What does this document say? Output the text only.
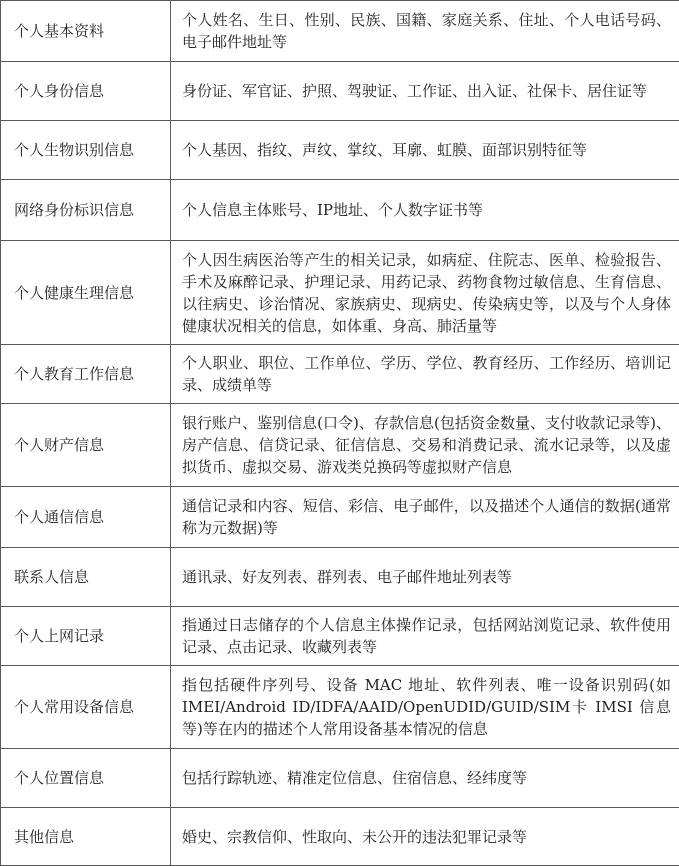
个人基本资料	个人姓名、生日、性别、民族、国籍、家庭关系、住址、个人电话号码、电子邮件地址等
个人身份信息	身份证、军官证、护照、驾驶证、工作证、出入证、社保卡、居住证等
个人生物识别信息	个人基因、指纹、声纹、掌纹、耳廓、虹膜、面部识别特征等
网络身份标识信息	个人信息主体账号、IP地址、个人数字证书等
个人健康生理信息	个人因生病医治等产生的相关记录，如病症、住院志、医单、检验报告、手术及麻醉记录、护理记录、用药记录、药物食物过敏信息、生育信息、以往病史、诊治情况、家族病史、现病史、传染病史等，以及与个人身体健康状况相关的信息，如体重、身高、肺活量等
个人教育工作信息	个人职业、职位、工作单位、学历、学位、教育经历、工作经历、培训记录、成绩单等
个人财产信息	银行账户、鉴别信息(口令)、存款信息(包括资金数量、支付收款记录等)、房产信息、信贷记录、征信信息、交易和消费记录、流水记录等，以及虚拟货币、虚拟交易、游戏类兑换码等虚拟财产信息
个人通信信息	通信记录和内容、短信、彩信、电子邮件，以及描述个人通信的数据(通常称为元数据)等
联系人信息	通讯录、好友列表、群列表、电子邮件地址列表等
个人上网记录	指通过日志储存的个人信息主体操作记录，包括网站浏览记录、软件使用记录、点击记录、收藏列表等
个人常用设备信息	指包括硬件序列号、设备 MAC 地址、软件列表、唯一设备识别码(如IMEI/Android ID/IDFA/AAID/OpenUDID/GUID/SIM卡 IMSI 信息等)等在内的描述个人常用设备基本情况的信息
个人位置信息	包括行踪轨迹、精准定位信息、住宿信息、经纬度等
其他信息	婚史、宗教信仰、性取向、未公开的违法犯罪记录等
